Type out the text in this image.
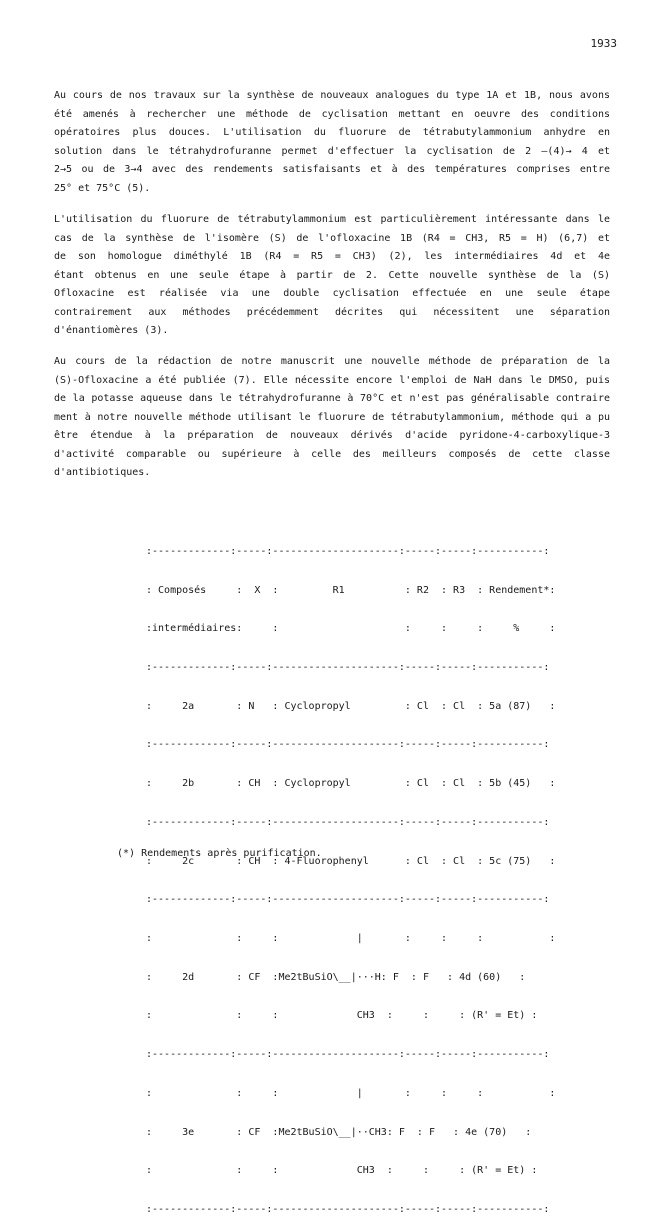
1933
Au cours de nos travaux sur la synthèse de nouveaux analogues du type 1A et 1B, nous avons
été amenés à rechercher une méthode de cyclisation mettant en oeuvre des conditions
opératoires plus douces. L'utilisation du fluorure de tétrabutylammonium anhydre en
solution dans le tétrahydrofuranne permet d'effectuer la cyclisation de 2 —(4)→ 4 et
2→5 ou de 3→4 avec des rendements satisfaisants et à des températures comprises entre
25° et 75°C (5).
L'utilisation du fluorure de tétrabutylammonium est particulièrement intéressante dans le
cas de la synthèse de l'isomère (S) de l'ofloxacine 1B (R4 = CH3, R5 = H) (6,7) et
de son homologue diméthylé 1B (R4 = R5 = CH3) (2), les intermédiaires 4d et 4e
étant obtenus en une seule étape à partir de 2. Cette nouvelle synthèse de la (S)
Ofloxacine est réalisée via une double cyclisation effectuée en une seule étape
contrairement aux méthodes précédemment décrites qui nécessitent une séparation
d'énantiomères (3).
Au cours de la rédaction de notre manuscrit une nouvelle méthode de préparation de la
(S)-Ofloxacine a été publiée (7). Elle nécessite encore l'emploi de NaH dans le DMSO, puis
de la potasse aqueuse dans le tétrahydrofuranne à 70°C et n'est pas généralisable contraire
ment à notre nouvelle méthode utilisant le fluorure de tétrabutylammonium, méthode qui a pu
être étendue à la préparation de nouveaux dérivés d'acide pyridone-4-carboxylique-3
d'activité comparable ou supérieure à celle des meilleurs composés de cette classe
d'antibiotiques.

:-------------:-----:---------------------:-----:-----:-----------:

: Composés     :  X  :         R1          : R2  : R3  : Rendement*:

:intermédiaires:     :                     :     :     :     %     :

:-------------:-----:---------------------:-----:-----:-----------:

:     2a       : N   : Cyclopropyl         : Cl  : Cl  : 5a (87)   :

:-------------:-----:---------------------:-----:-----:-----------:

:     2b       : CH  : Cyclopropyl         : Cl  : Cl  : 5b (45)   :

:-------------:-----:---------------------:-----:-----:-----------:

:     2c       : CH  : 4-Fluorophenyl      : Cl  : Cl  : 5c (75)   :

:-------------:-----:---------------------:-----:-----:-----------:

:              :     :             |       :     :     :           :

:     2d       : CF  :Me2tBuSiO\__|···H: F  : F   : 4d (60)   :

:              :     :             CH3  :     :     : (R' = Et) :

:-------------:-----:---------------------:-----:-----:-----------:

:              :     :             |       :     :     :           :

:     3e       : CF  :Me2tBuSiO\__|··CH3: F  : F   : 4e (70)   :

:              :     :             CH3  :     :     : (R' = Et) :

:-------------:-----:---------------------:-----:-----:-----------:

(*) Rendements après purification.
